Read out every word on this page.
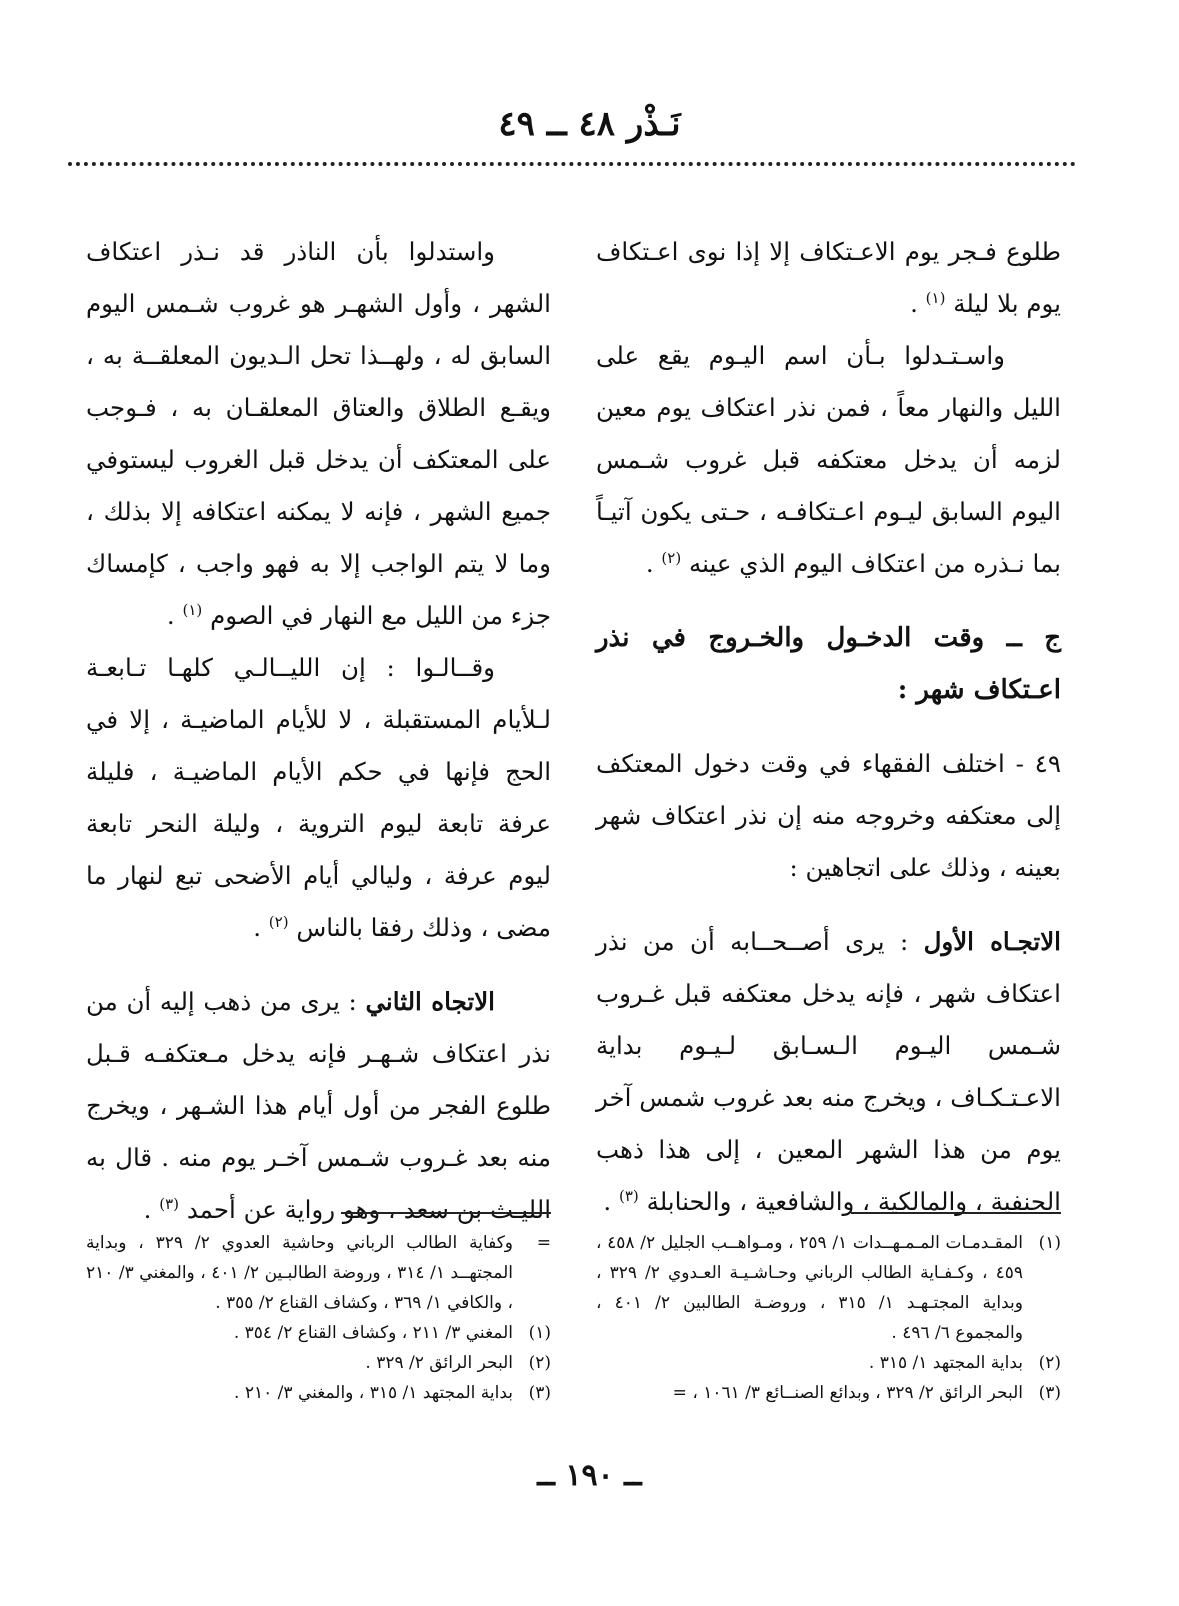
نَـذْر ٤٨ ــ ٤٩

طلوع فـجر يوم الاعـتكاف إلا إذا نوى اعـتكاف يوم بلا ليلة $^{(١)}$ .

واسـتـدلوا بـأن اسم اليـوم يقع على الليل والنهار معاً ، فمن نذر اعتكاف يوم معين لزمه أن يدخل معتكفه قبل غروب شـمس اليوم السابق ليـوم اعـتكافـه ، حـتى يكون آتيـاً بما نـذره من اعتكاف اليوم الذي عينه $^{(٢)}$ .

ج ــ وقت الدخـول والخـروج في نذر اعـتكاف شهر :

٤٩ - اختلف الفقهاء في وقت دخول المعتكف إلى معتكفه وخروجه منه إن نذر اعتكاف شهر بعينه ، وذلك على اتجاهين :

الاتجـاه الأول : يرى أصــحــابه أن من نذر اعتكاف شهر ، فإنه يدخل معتكفه قبل غـروب شـمس اليـوم الـسـابق لـيـوم بداية الاعـتـكـاف ، ويخرج منه بعد غروب شمس آخر يوم من هذا الشهر المعين ، إلى هذا ذهب الحنفية ، والمالكية ، والشافعية ، والحنابلة $^{(٣)}$ .

واستدلوا بأن الناذر قد نـذر اعتكاف الشهر ، وأول الشهـر هو غروب شـمس اليوم السابق له ، ولهــذا تحل الـديون المعلقــة به ، ويقـع الطلاق والعتاق المعلقـان به ، فـوجب على المعتكف أن يدخل قبل الغروب ليستوفي جميع الشهر ، فإنه لا يمكنه اعتكافه إلا بذلك ، وما لا يتم الواجب إلا به فهو واجب ، كإمساك جزء من الليل مع النهار في الصوم $^{(١)}$ .

وقــالـوا : إن الليــالـي كلهـا تـابعـة لـلأيام المستقبلة ، لا للأيام الماضيـة ، إلا في الحج فإنها في حكم الأيام الماضيـة ، فليلة عرفة تابعة ليوم التروية ، وليلة النحر تابعة ليوم عرفة ، وليالي أيام الأضحى تبع لنهار ما مضى ، وذلك رفقا بالناس $^{(٢)}$ .

الاتجاه الثاني : يرى من ذهب إليه أن من نذر اعتكاف شـهـر فإنه يدخل مـعتكفـه قـبل طلوع الفجر من أول أيام هذا الشـهر ، ويخرج منه بعد غـروب شـمس آخـر يوم منه . قال به الليـث بن سعد ، وهو رواية عن أحمد $^{(٣)}$ .

(١)
المقـدمـات المـمـهــدات ١/ ٢٥٩ ، ومـواهــب الجليل ٢/ ٤٥٨ ، ٤٥٩ ، وكـفـاية الطالب الرباني وحـاشـيـة العـدوي ٢/ ٣٢٩ ، وبداية المجتـهـد ١/ ٣١٥ ، وروضـة الطالبين ٢/ ٤٠١ ، والمجموع ٦/ ٤٩٦ .
(٢)
بداية المجتهد ١/ ٣١٥ .
(٣)
البحر الرائق ٢/ ٣٢٩ ، وبدائع الصنــائع ٣/ ١٠٦١ ، =
=
وكفاية الطالب الرباني وحاشية العدوي ٢/ ٣٢٩ ، وبداية المجتهــد ١/ ٣١٤ ، وروضة الطالبـين ٢/ ٤٠١ ، والمغني ٣/ ٢١٠ ، والكافي ١/ ٣٦٩ ، وكشاف القناع ٢/ ٣٥٥ .
(١)
المغني ٣/ ٢١١ ، وكشاف القناع ٢/ ٣٥٤ .
(٢)
البحر الرائق ٢/ ٣٢٩ .
(٣)
بداية المجتهد ١/ ٣١٥ ، والمغني ٣/ ٢١٠ .
ــ ١٩٠ ــ
